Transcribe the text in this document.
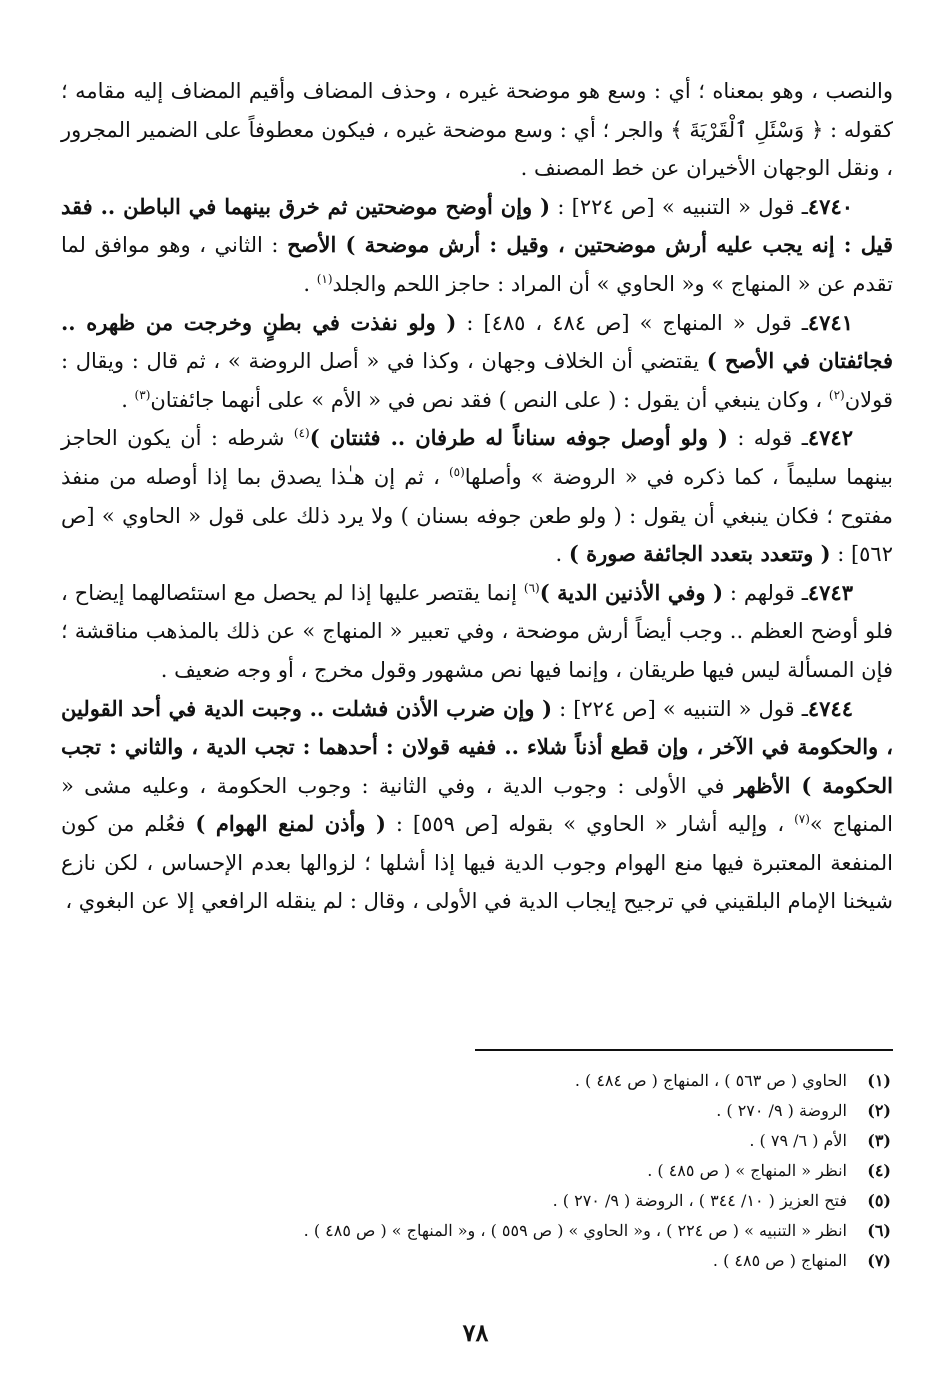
والنصب ، وهو بمعناه ؛ أي : وسع هو موضحة غيره ، وحذف المضاف وأقيم المضاف إليه مقامه ؛ كقوله : ﴿ وَسْئَلِ ٱلْقَرْيَةَ ﴾ والجر ؛ أي : وسع موضحة غيره ، فيكون معطوفاً على الضمير المجرور ، ونقل الوجهان الأخيران عن خط المصنف .

٤٧٤٠ـ قول « التنبيه » [ص ٢٢٤] : ( وإن أوضح موضحتين ثم خرق بينهما في الباطن .. فقد قيل : إنه يجب عليه أرش موضحتين ، وقيل : أرش موضحة ) الأصح : الثاني ، وهو موافق لما تقدم عن « المنهاج » و« الحاوي » أن المراد : حاجز اللحم والجلد$^{(١)}$ .

٤٧٤١ـ قول « المنهاج » [ص ٤٨٤ ، ٤٨٥] : ( ولو نفذت في بطنٍ وخرجت من ظهره .. فجائفتان في الأصح ) يقتضي أن الخلاف وجهان ، وكذا في « أصل الروضة » ، ثم قال : ويقال : قولان$^{(٢)}$ ، وكان ينبغي أن يقول : ( على النص ) فقد نص في « الأم » على أنهما جائفتان$^{(٣)}$ .

٤٧٤٢ـ قوله : ( ولو أوصل جوفه سناناً له طرفان .. فثنتان )$^{(٤)}$ شرطه : أن يكون الحاجز بينهما سليماً ، كما ذكره في « الروضة » وأصلها$^{(٥)}$ ، ثم إن هـٰذا يصدق بما إذا أوصله من منفذ مفتوح ؛ فكان ينبغي أن يقول : ( ولو طعن جوفه بسنان ) ولا يرد ذلك على قول « الحاوي » [ص ٥٦٢] : ( وتتعدد بتعدد الجائفة صورة ) .

٤٧٤٣ـ قولهم : ( وفي الأذنين الدية )$^{(٦)}$ إنما يقتصر عليها إذا لم يحصل مع استئصالهما إيضاح ، فلو أوضح العظم .. وجب أيضاً أرش موضحة ، وفي تعبير « المنهاج » عن ذلك بالمذهب مناقشة ؛ فإن المسألة ليس فيها طريقان ، وإنما فيها نص مشهور وقول مخرج ، أو وجه ضعيف .

٤٧٤٤ـ قول « التنبيه » [ص ٢٢٤] : ( وإن ضرب الأذن فشلت .. وجبت الدية في أحد القولين ، والحكومة في الآخر ، وإن قطع أذناً شلاء .. ففيه قولان : أحدهما : تجب الدية ، والثاني : تجب الحكومة ) الأظهر في الأولى : وجوب الدية ، وفي الثانية : وجوب الحكومة ، وعليه مشى « المنهاج »$^{(٧)}$ ، وإليه أشار « الحاوي » بقوله [ص ٥٥٩] : ( وأذن لمنع الهوام ) فعُلم من كون المنفعة المعتبرة فيها منع الهوام وجوب الدية فيها إذا أشلها ؛ لزوالها بعدم الإحساس ، لكن نازع شيخنا الإمام البلقيني في ترجيح إيجاب الدية في الأولى ، وقال : لم ينقله الرافعي إلا عن البغوي ،

(١)
الحاوي ( ص ٥٦٣ ) ، المنهاج ( ص ٤٨٤ ) .
(٢)
الروضة ( ٩/ ٢٧٠ ) .
(٣)
الأم ( ٦/ ٧٩ ) .
(٤)
انظر « المنهاج » ( ص ٤٨٥ ) .
(٥)
فتح العزيز ( ١٠/ ٣٤٤ ) ، الروضة ( ٩/ ٢٧٠ ) .
(٦)
انظر « التنبيه » ( ص ٢٢٤ ) ، و« الحاوي » ( ص ٥٥٩ ) ، و« المنهاج » ( ص ٤٨٥ ) .
(٧)
المنهاج ( ص ٤٨٥ ) .
٧٨
